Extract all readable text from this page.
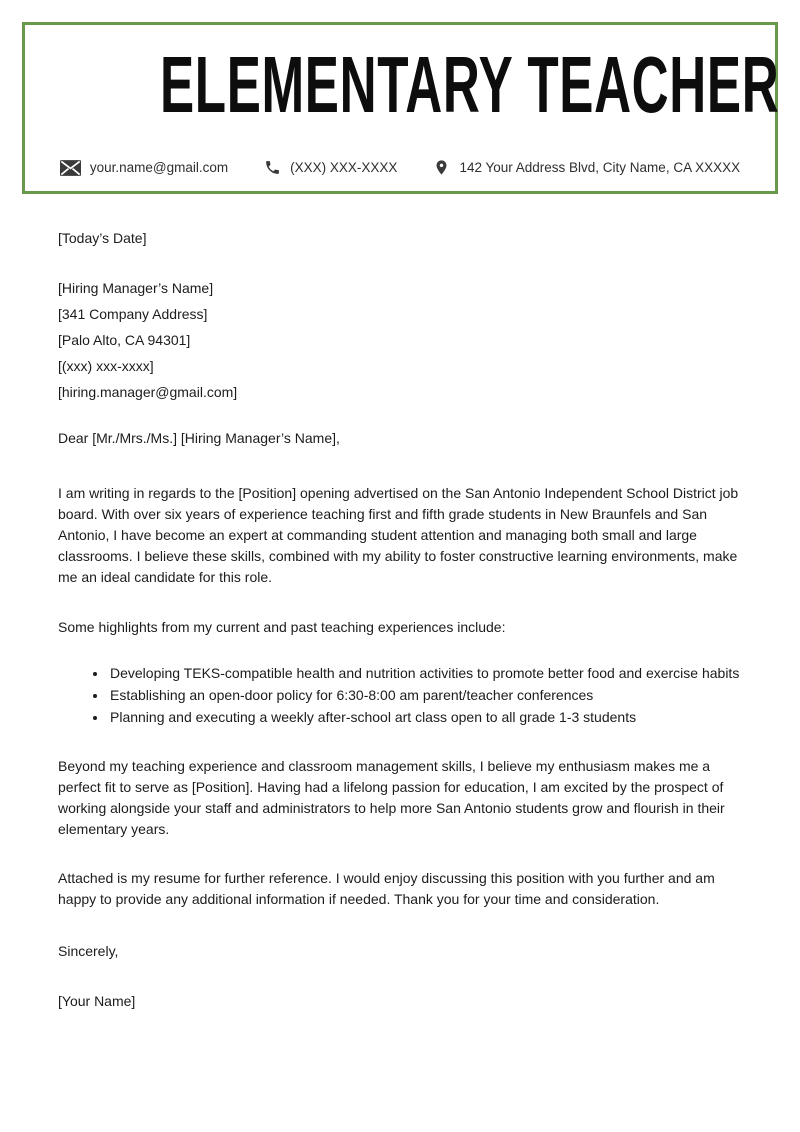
ELEMENTARY TEACHER
your.name@gmail.com	(XXX) XXX-XXXX	142 Your Address Blvd, City Name, CA XXXXX

[Today’s Date]

[Hiring Manager’s Name]
[341 Company Address]
[Palo Alto, CA 94301]
[(xxx) xxx-xxxx]
[hiring.manager@gmail.com]

Dear [Mr./Mrs./Ms.] [Hiring Manager’s Name],

I am writing in regards to the [Position] opening advertised on the San Antonio Independent School District job board. With over six years of experience teaching first and fifth grade students in New Braunfels and San Antonio, I have become an expert at commanding student attention and managing both small and large classrooms. I believe these skills, combined with my ability to foster constructive learning environments, make me an ideal candidate for this role.

Some highlights from my current and past teaching experiences include:

• Developing TEKS-compatible health and nutrition activities to promote better food and exercise habits
• Establishing an open-door policy for 6:30-8:00 am parent/teacher conferences
• Planning and executing a weekly after-school art class open to all grade 1-3 students

Beyond my teaching experience and classroom management skills, I believe my enthusiasm makes me a perfect fit to serve as [Position]. Having had a lifelong passion for education, I am excited by the prospect of working alongside your staff and administrators to help more San Antonio students grow and flourish in their elementary years.

Attached is my resume for further reference. I would enjoy discussing this position with you further and am happy to provide any additional information if needed. Thank you for your time and consideration.

Sincerely,

[Your Name]
